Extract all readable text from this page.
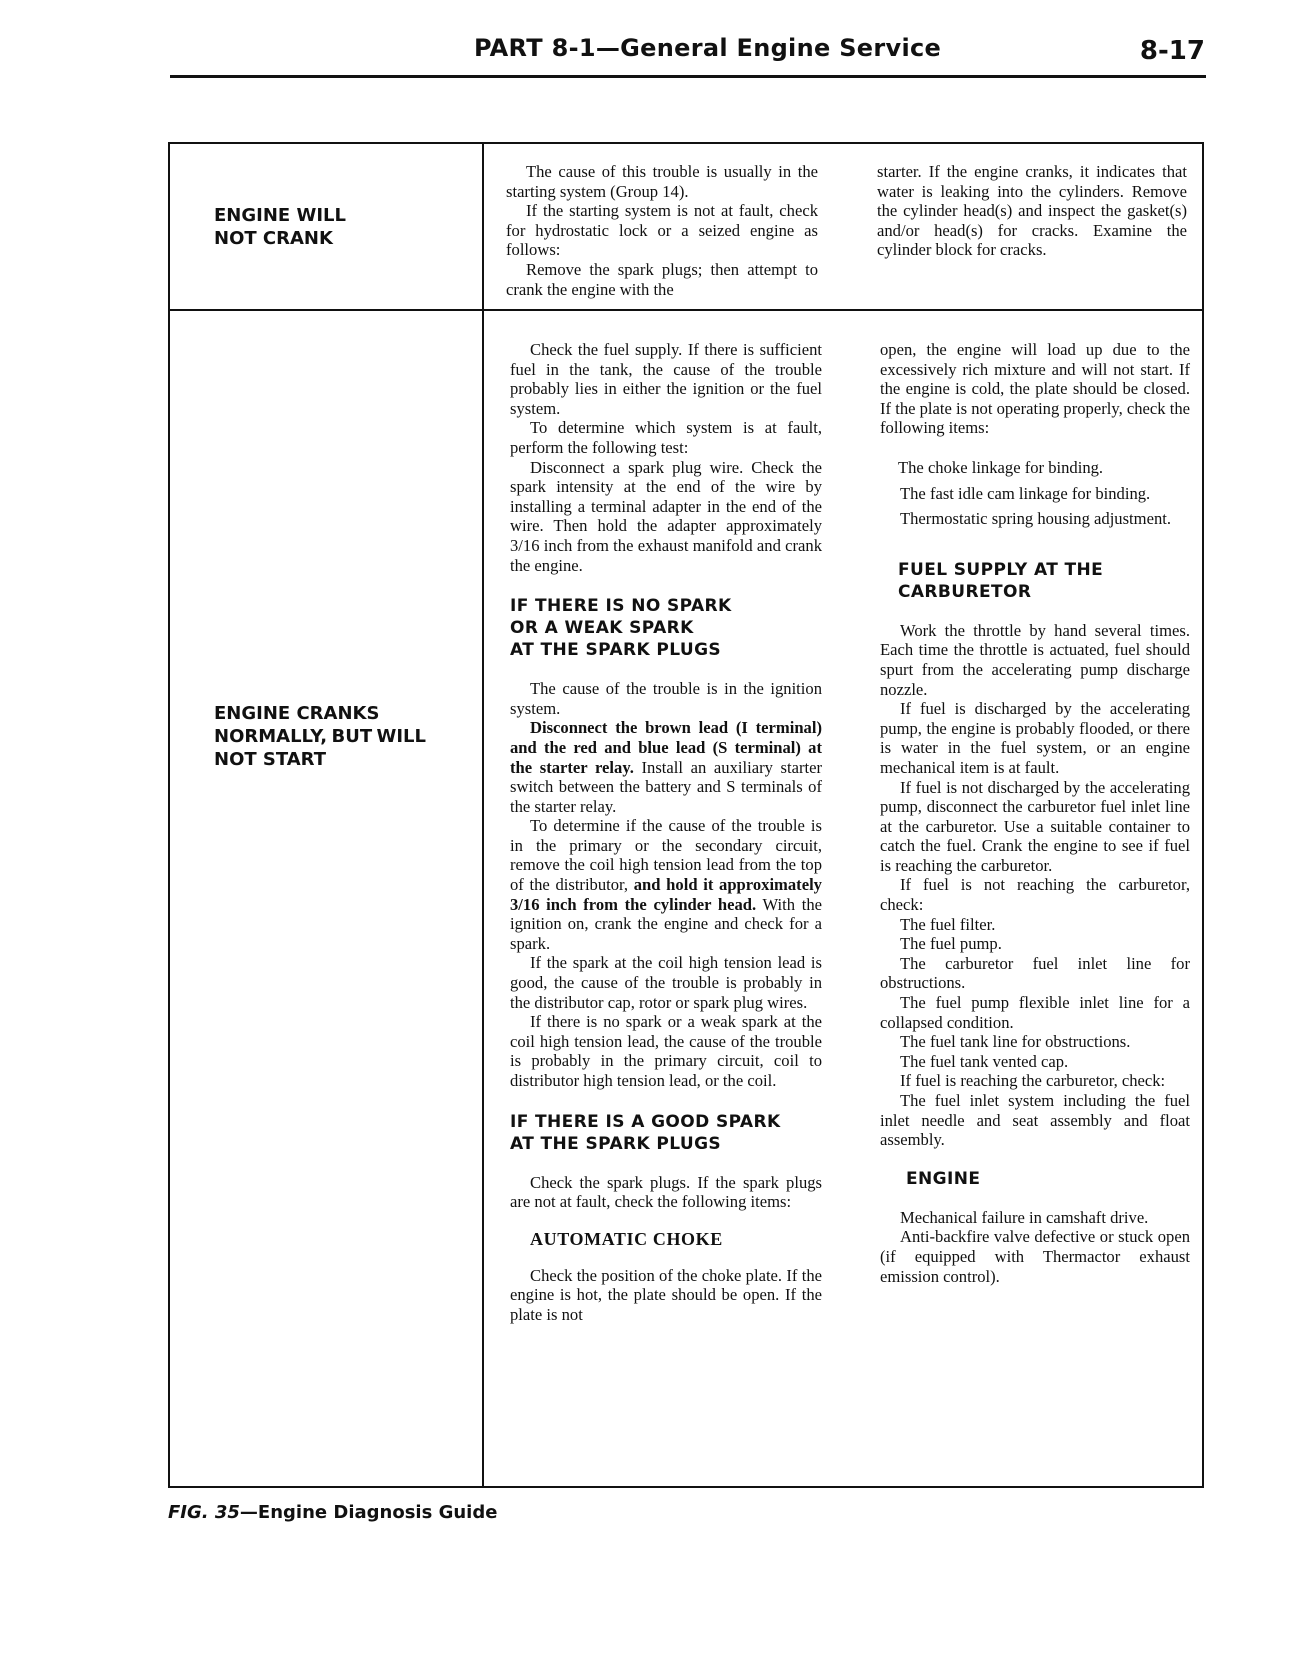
PART 8-1—General Engine Service	8-17
ENGINE WILL
NOT CRANK

The cause of this trouble is usually in the starting system (Group 14).

If the starting system is not at fault, check for hydrostatic lock or a seized engine as follows:

Remove the spark plugs; then attempt to crank the engine with the

starter. If the engine cranks, it indicates that water is leaking into the cylinders. Remove the cylinder head(s) and inspect the gasket(s) and/or head(s) for cracks. Examine the cylinder block for cracks.

ENGINE CRANKS
NORMALLY, BUT WILL
NOT START

Check the fuel supply. If there is sufficient fuel in the tank, the cause of the trouble probably lies in either the ignition or the fuel system.

To determine which system is at fault, perform the following test:

Disconnect a spark plug wire. Check the spark intensity at the end of the wire by installing a terminal adapter in the end of the wire. Then hold the adapter approximately 3/16 inch from the exhaust manifold and crank the engine.

IF THERE IS NO SPARK
OR A WEAK SPARK
AT THE SPARK PLUGS

The cause of the trouble is in the ignition system.

Disconnect the brown lead (I terminal) and the red and blue lead (S terminal) at the starter relay. Install an auxiliary starter switch between the battery and S terminals of the starter relay.

To determine if the cause of the trouble is in the primary or the secondary circuit, remove the coil high tension lead from the top of the distributor, and hold it approximately 3/16 inch from the cylinder head. With the ignition on, crank the engine and check for a spark.

If the spark at the coil high tension lead is good, the cause of the trouble is probably in the distributor cap, rotor or spark plug wires.

If there is no spark or a weak spark at the coil high tension lead, the cause of the trouble is probably in the primary circuit, coil to distributor high tension lead, or the coil.

IF THERE IS A GOOD SPARK
AT THE SPARK PLUGS

Check the spark plugs. If the spark plugs are not at fault, check the following items:

AUTOMATIC CHOKE

Check the position of the choke plate. If the engine is hot, the plate should be open. If the plate is not

open, the engine will load up due to the excessively rich mixture and will not start. If the engine is cold, the plate should be closed. If the plate is not operating properly, check the following items:

The choke linkage for binding.

The fast idle cam linkage for binding.

Thermostatic spring housing adjustment.

FUEL SUPPLY AT THE
CARBURETOR

Work the throttle by hand several times. Each time the throttle is actuated, fuel should spurt from the accelerating pump discharge nozzle.

If fuel is discharged by the accelerating pump, the engine is probably flooded, or there is water in the fuel system, or an engine mechanical item is at fault.

If fuel is not discharged by the accelerating pump, disconnect the carburetor fuel inlet line at the carburetor. Use a suitable container to catch the fuel. Crank the engine to see if fuel is reaching the carburetor.

If fuel is not reaching the carburetor, check:

The fuel filter.

The fuel pump.

The carburetor fuel inlet line for obstructions.

The fuel pump flexible inlet line for a collapsed condition.

The fuel tank line for obstructions.

The fuel tank vented cap.

If fuel is reaching the carburetor, check:

The fuel inlet system including the fuel inlet needle and seat assembly and float assembly.

ENGINE

Mechanical failure in camshaft drive.

Anti-backfire valve defective or stuck open (if equipped with Thermactor exhaust emission control).

FIG. 35—Engine Diagnosis Guide
